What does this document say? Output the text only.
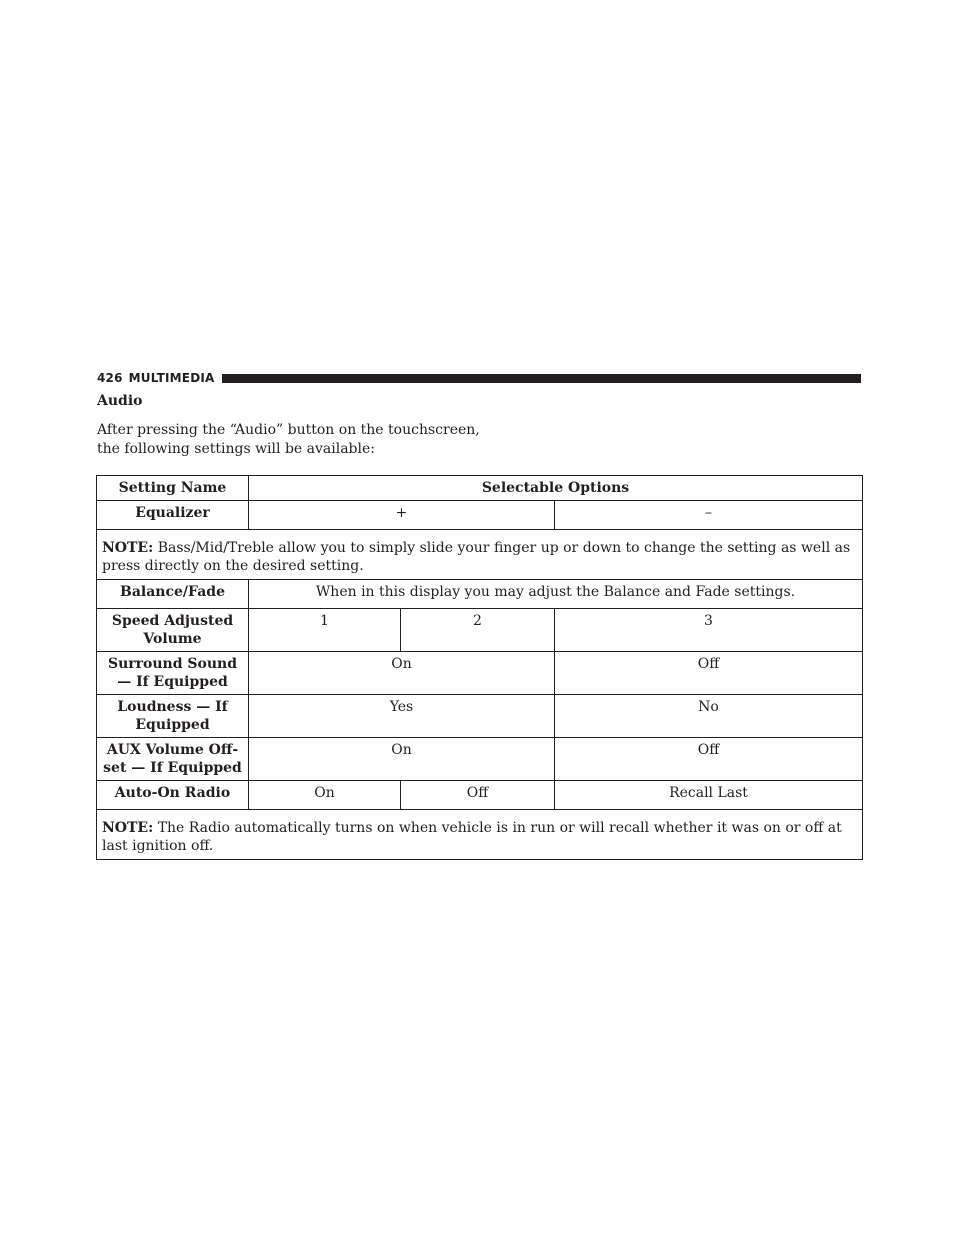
426 MULTIMEDIA
Audio
After pressing the “Audio” button on the touchscreen, the following settings will be available:
Setting Name	Selectable Options		
Equalizer	+		–
NOTE: Bass/Mid/Treble allow you to simply slide your finger up or down to change the setting as well as press directly on the desired setting.			
Balance/Fade	When in this display you may adjust the Balance and Fade settings.		
Speed Adjusted Volume	1	2	3
Surround Sound — If Equipped	On		Off
Loudness — If Equipped	Yes		No
AUX Volume Off-set — If Equipped	On		Off
Auto-On Radio	On	Off	Recall Last
NOTE: The Radio automatically turns on when vehicle is in run or will recall whether it was on or off at last ignition off.			
